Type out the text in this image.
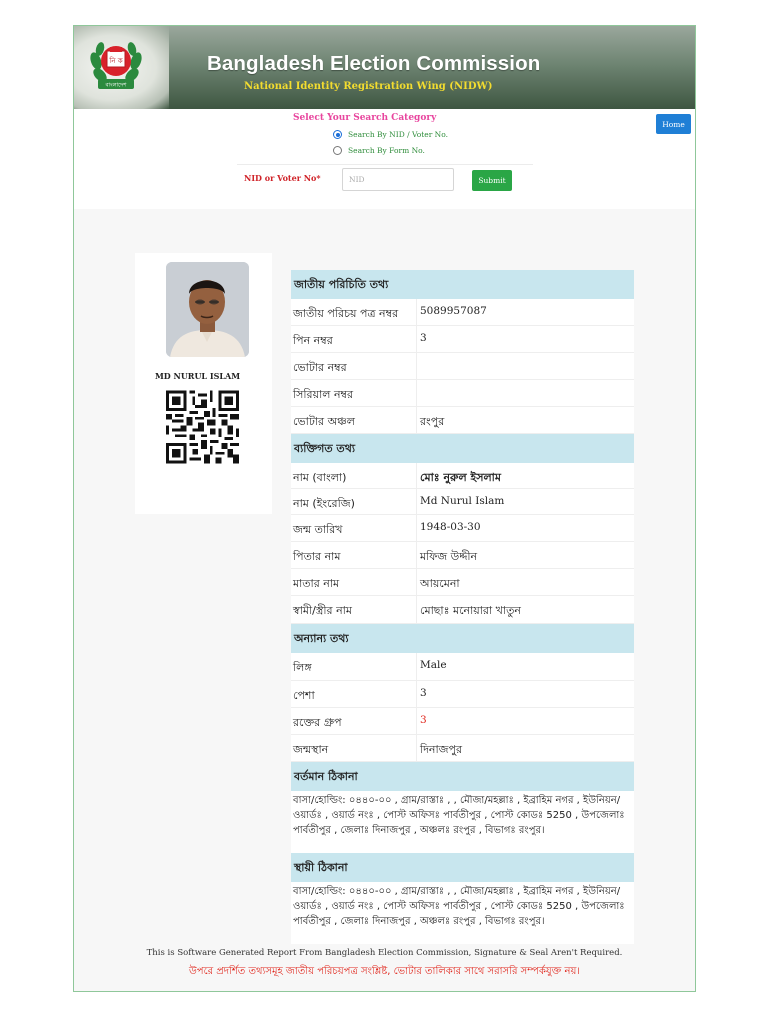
নি ক
বাংলাদেশ
Bangladesh Election Commission
National Identity Registration Wing (NIDW)
Select Your Search Category
Search By NID / Voter No.
Search By Form No.
NID or Voter No*
NID	Submit
Home
MD NURUL ISLAM
জাতীয় পরিচিতি তথ্য
জাতীয় পরিচয় পত্র নম্বর	5089957087
পিন নম্বর	3
ভোটার নম্বর
সিরিয়াল নম্বর
ভোটার অঞ্চল	রংপুর
ব্যক্তিগত তথ্য
নাম (বাংলা)	মোঃ নুরুল ইসলাম
নাম (ইংরেজি)	Md Nurul Islam
জন্ম তারিখ	1948-03-30
পিতার নাম	মফিজ উদ্দীন
মাতার নাম	আয়মেনা
স্বামী/স্ত্রীর নাম	মোছাঃ মনোয়ারা খাতুন
অন্যান্য তথ্য
লিঙ্গ	Male
পেশা	3
রক্তের গ্রুপ	3
জন্মস্থান	দিনাজপুর
বর্তমান ঠিকানা
বাসা/হোল্ডিং: ০৪৪০-০০ , গ্রাম/রাস্তাঃ , , মৌজা/মহল্লাঃ , ইব্রাহিম নগর , ইউনিয়ন/ওয়ার্ডঃ , ওয়ার্ড নংঃ , পোস্ট অফিসঃ পার্বতীপুর , পোস্ট কোডঃ 5250 , উপজেলাঃ পার্বতীপুর , জেলাঃ দিনাজপুর , অঞ্চলঃ রংপুর , বিভাগঃ রংপুর।
স্থায়ী ঠিকানা
বাসা/হোল্ডিং: ০৪৪০-০০ , গ্রাম/রাস্তাঃ , , মৌজা/মহল্লাঃ , ইব্রাহিম নগর , ইউনিয়ন/ওয়ার্ডঃ , ওয়ার্ড নংঃ , পোস্ট অফিসঃ পার্বতীপুর , পোস্ট কোডঃ 5250 , উপজেলাঃ পার্বতীপুর , জেলাঃ দিনাজপুর , অঞ্চলঃ রংপুর , বিভাগঃ রংপুর।
This is Software Generated Report From Bangladesh Election Commission, Signature & Seal Aren't Required.
উপরে প্রদর্শিত তথ্যসমূহ জাতীয় পরিচয়পত্র সংশ্লিষ্ট, ভোটার তালিকার সাথে সরাসরি সম্পর্কযুক্ত নয়।
